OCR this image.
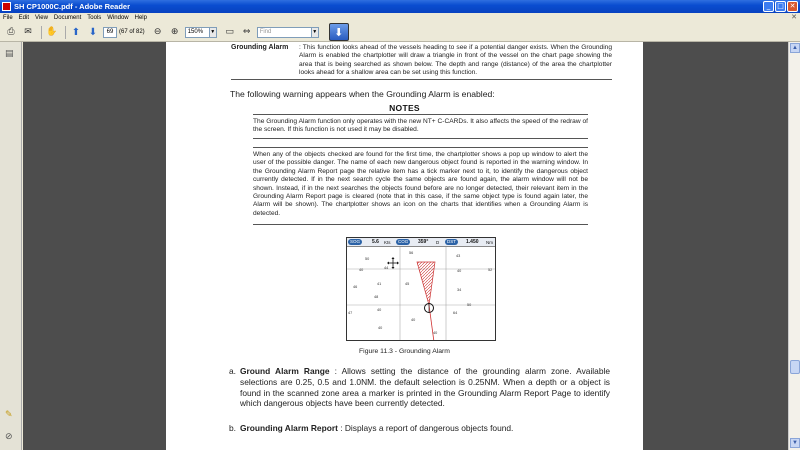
SH CP1000C.pdf - Adobe Reader	_ □ ✕
File Edit View Document Tools Window Help	✕
⎙	✉	✋ ⬆ ⬇	69 (67 of 82)	⊖	⊕	150%	▼	▭ ⇔	Find	▼	⬇
▤
✎
⊘
Grounding Alarm : This function looks ahead of the vessels heading to see if a potential danger exists. When the Grounding Alarm is enabled the chartplotter will draw a triangle in front of the vessel on the chart page showing the area that is being searched as shown below. The depth and range (distance) of the area the chartplotter looks ahead for a shallow area can be set using this function.
The following warning appears when the Grounding Alarm is enabled:
NOTES
The Grounding Alarm function only operates with the new NT+ C-CARDs. It also affects the speed of the redraw of the screen. If this function is not used it may be disabled.
When any of the objects checked are found for the first time, the chartplotter shows a pop up window to alert the user of the possible danger. The name of each new dangerous object found is reported in the warning window. In the Grounding Alarm Report page the relative item has a tick marker next to it, to identify the dangerous object currently detected. If in the next search cycle the same objects are found again, the alarm window will not be shown. Instead, if in the next searches the objects found before are no longer detected, their relevant item in the Grounding Alarm Report page is cleared (note that in this case, if the same object type is found again later, the Alarm will be shown). The chartplotter shows an icon on the charts that identifies when a Grounding Alarm is detected.
SOG	5.6 Kts	COG	359° D	DST	1.450 Nm
56
50
43
44
40	40	52
41	45
46
48
34
40
50
64
40
40
47
40
Figure 11.3 - Grounding Alarm
a. Ground Alarm Range : Allows setting the distance of the grounding alarm zone. Available selections are 0.25, 0.5 and 1.0NM. the default selection is 0.25NM. When a depth or a object is found in the scanned zone area a marker is printed in the Grounding Alarm Report Page to identify which dangerous objects have been currently detected.
b. Grounding Alarm Report : Displays a report of dangerous objects found.
▲
▼
